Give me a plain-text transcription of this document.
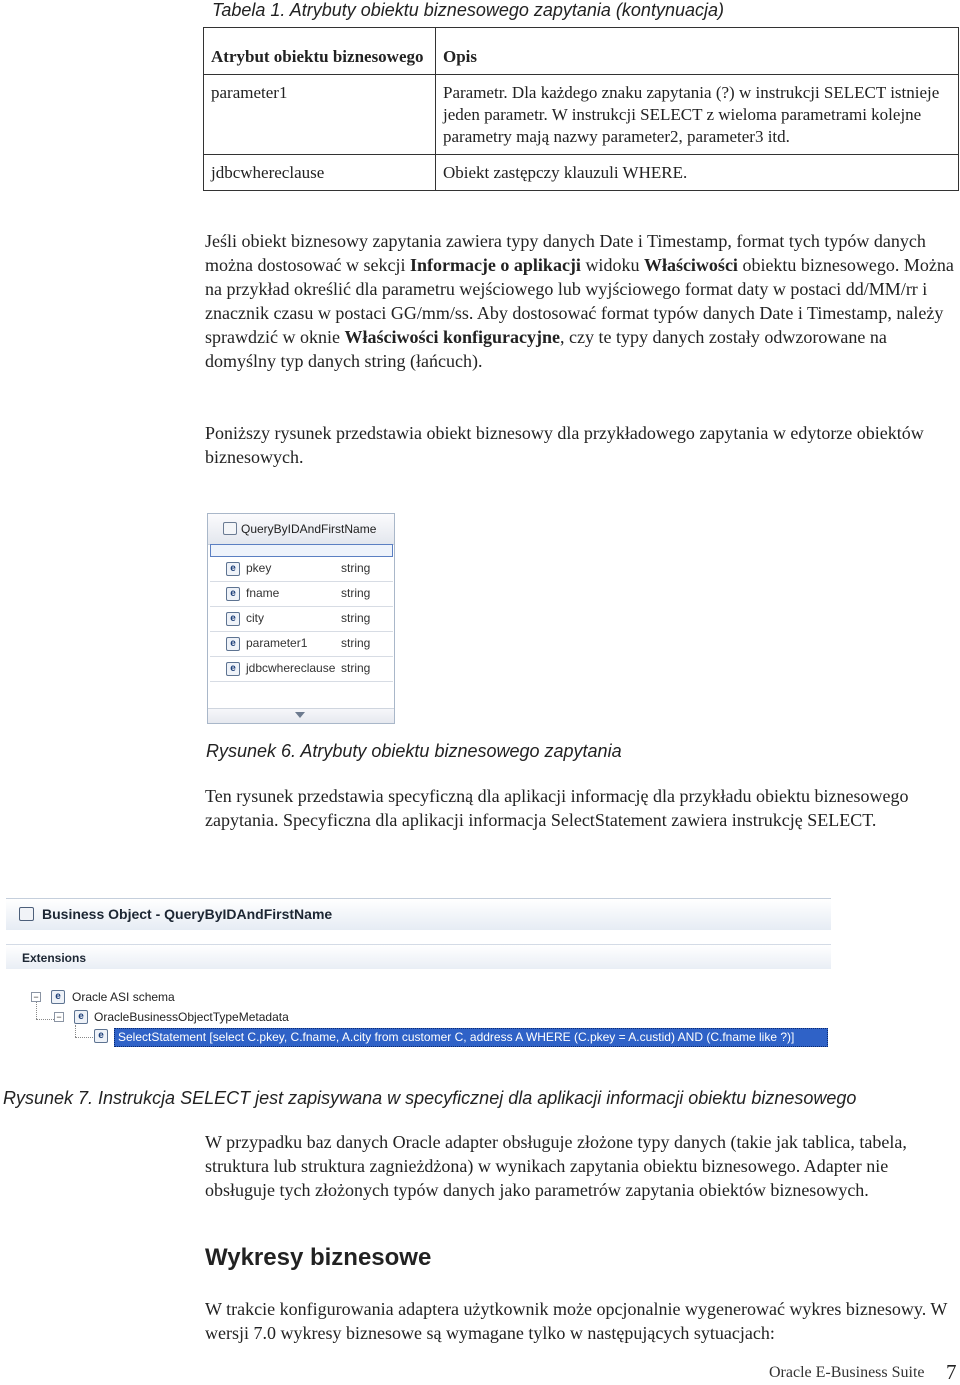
Tabela 1. Atrybuty obiektu biznesowego zapytania (kontynuacja)
Atrybut obiektu biznesowego	Opis
parameter1	Parametr. Dla każdego znaku zapytania (?) w instrukcji SELECT istnieje jeden parametr. W instrukcji SELECT z wieloma parametrami kolejne parametry mają nazwy parameter2, parameter3 itd.
jdbcwhereclause	Obiekt zastępczy klauzuli WHERE.
Jeśli obiekt biznesowy zapytania zawiera typy danych Date i Timestamp, format tych typów danych można dostosować w sekcji Informacje o aplikacji widoku Właściwości obiektu biznesowego. Można na przykład określić dla parametru wejściowego lub wyjściowego format daty w postaci dd/MM/rr i znacznik czasu w postaci GG/mm/ss. Aby dostosować format typów danych Date i Timestamp, należy sprawdzić w oknie Właściwości konfiguracyjne, czy te typy danych zostały odwzorowane na domyślny typ danych string (łańcuch).
Poniższy rysunek przedstawia obiekt biznesowy dla przykładowego zapytania w edytorze obiektów biznesowych.
QueryByIDAndFirstName
e pkey	string
e fname	string
e city	string
e parameter1	string
e jdbcwhereclause string
Rysunek 6. Atrybuty obiektu biznesowego zapytania
Ten rysunek przedstawia specyficzną dla aplikacji informację dla przykładu obiektu biznesowego zapytania. Specyficzna dla aplikacji informacja SelectStatement zawiera instrukcję SELECT.
Business Object - QueryByIDAndFirstName
Extensions
−	e Oracle ASI schema
−	e OracleBusinessObjectTypeMetadata
e	SelectStatement [select C.pkey, C.fname, A.city from customer C, address A WHERE (C.pkey = A.custid) AND (C.fname like ?)]
Rysunek 7. Instrukcja SELECT jest zapisywana w specyficznej dla aplikacji informacji obiektu biznesowego
W przypadku baz danych Oracle adapter obsługuje złożone typy danych (takie jak tablica, tabela, struktura lub struktura zagnieżdżona) w wynikach zapytania obiektu biznesowego. Adapter nie obsługuje tych złożonych typów danych jako parametrów zapytania obiektów biznesowych.
Wykresy biznesowe
W trakcie konfigurowania adaptera użytkownik może opcjonalnie wygenerować wykres biznesowy. W wersji 7.0 wykresy biznesowe są wymagane tylko w następujących sytuacjach:
Oracle E-Business Suite 7
